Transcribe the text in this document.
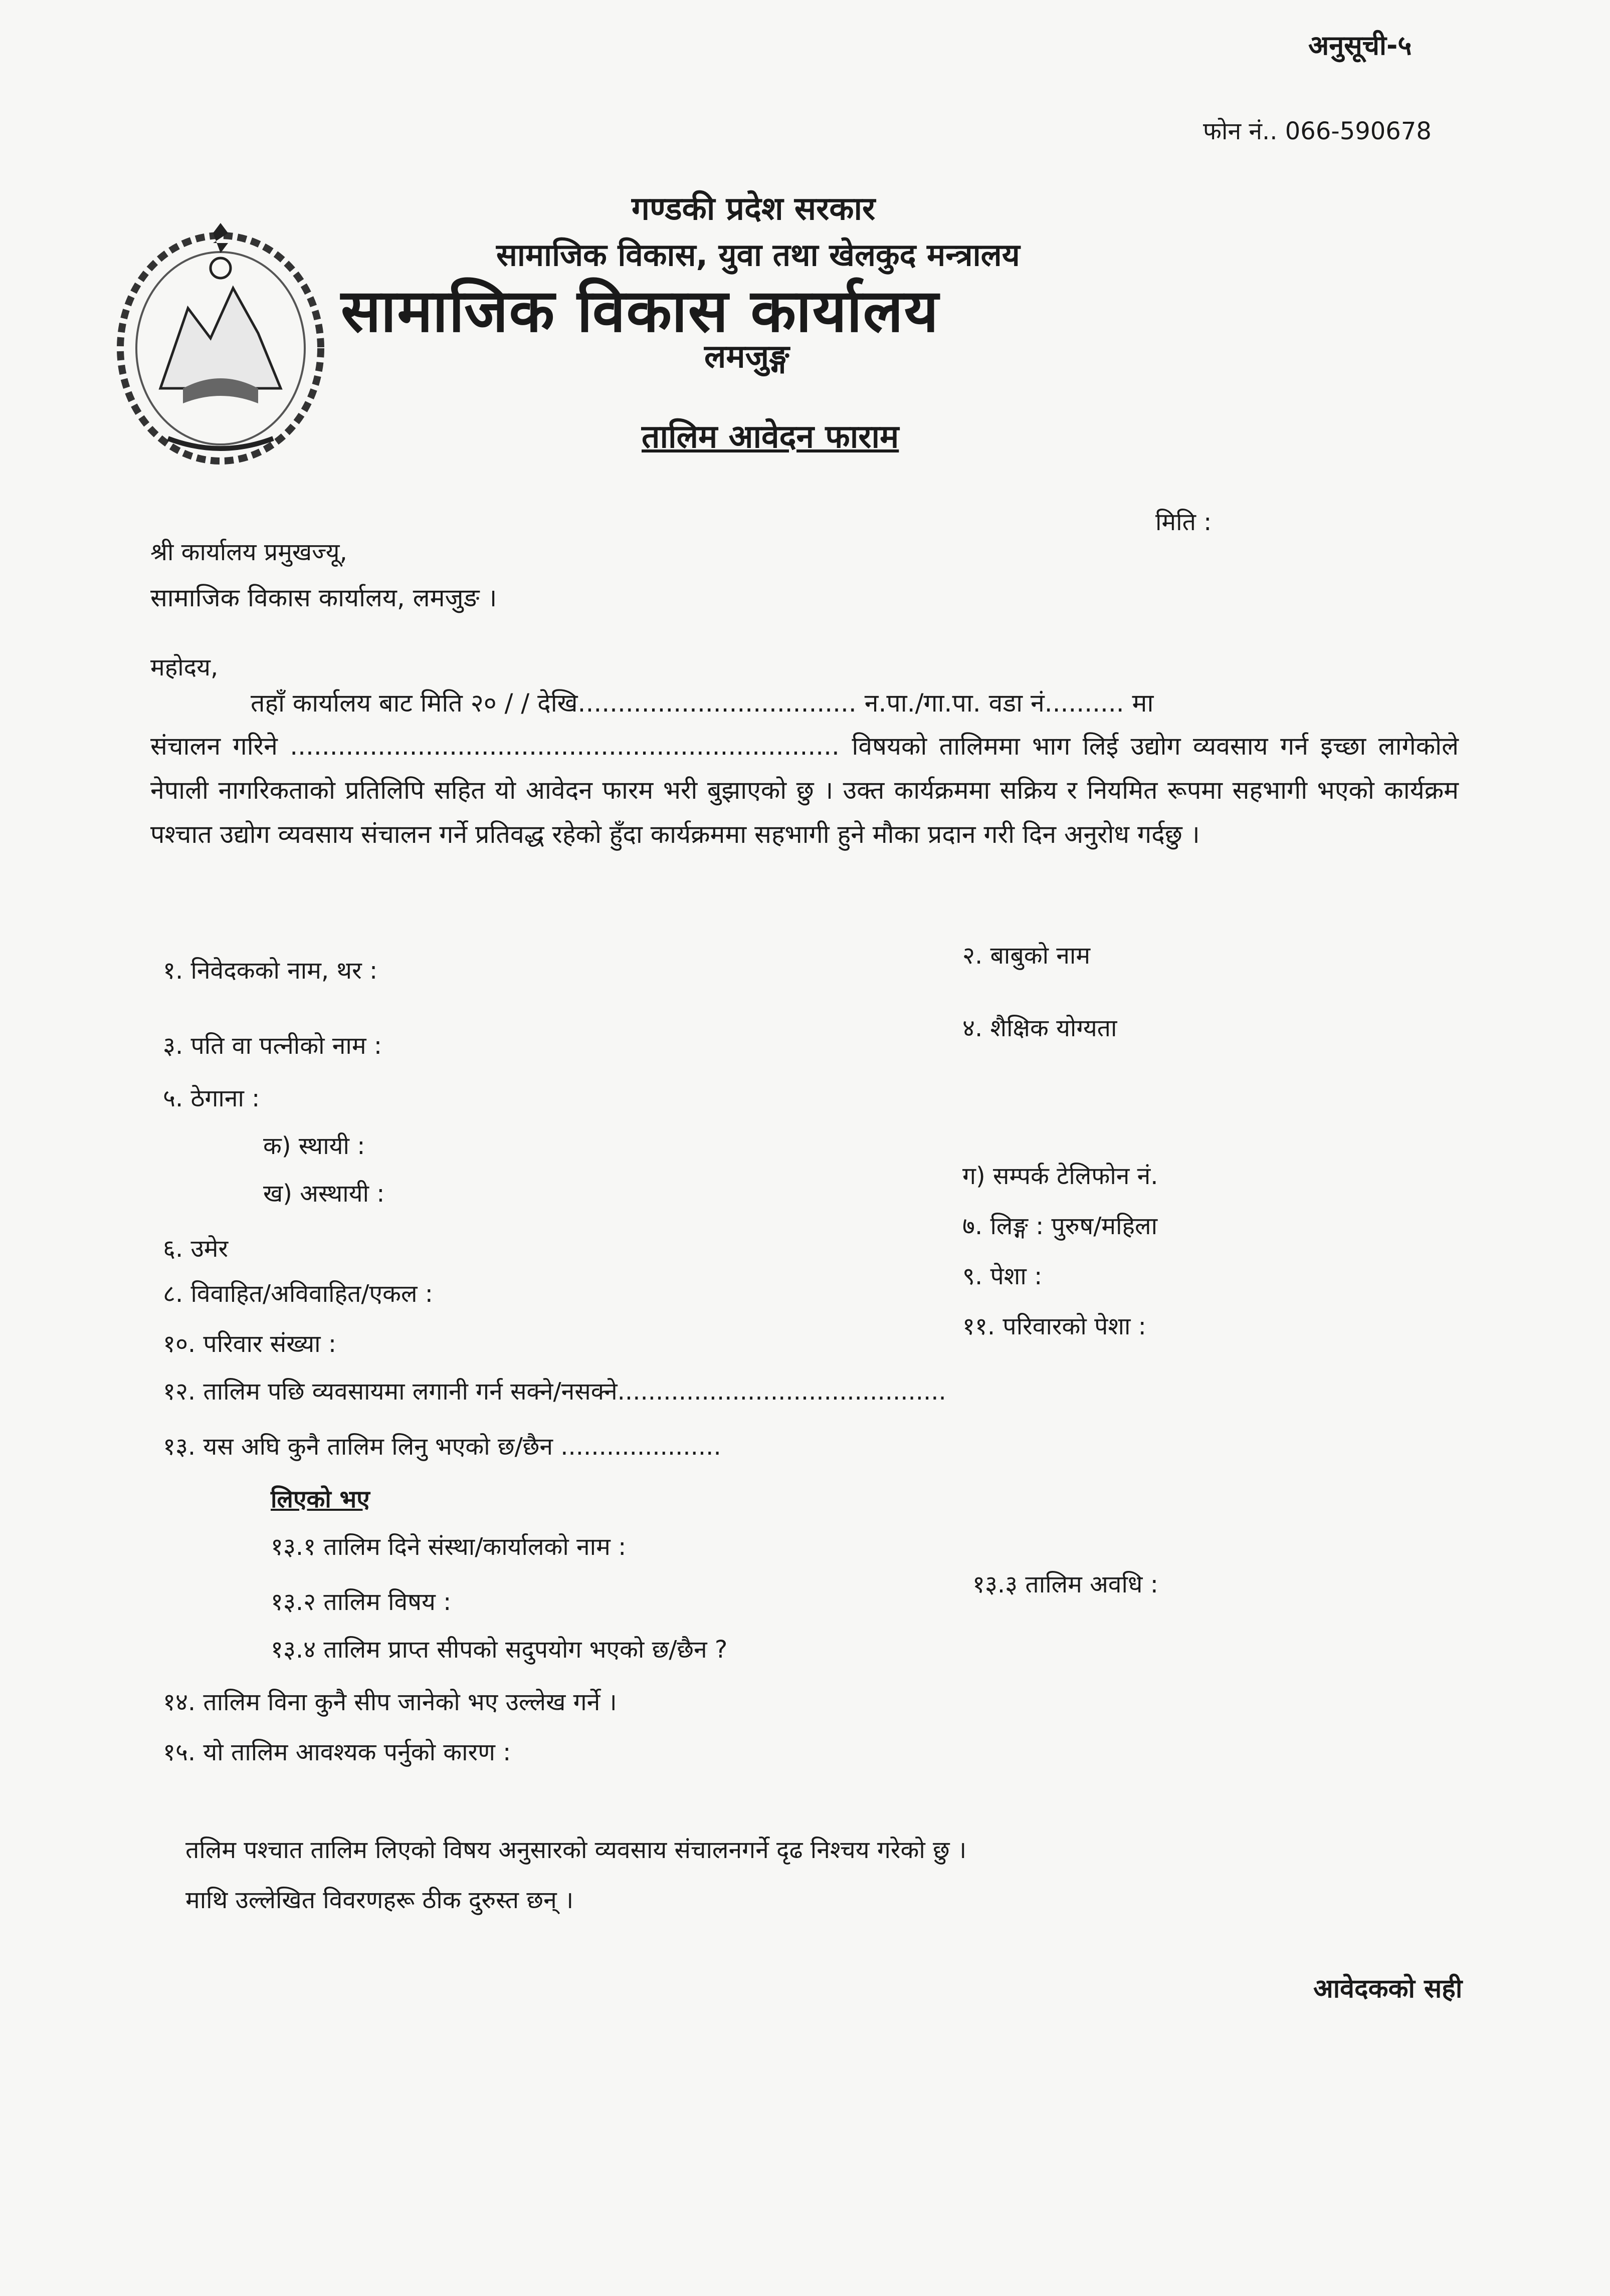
अनुसूची-५
फोन नं.. 066-590678
गण्डकी प्रदेश सरकार
सामाजिक विकास, युवा तथा खेलकुद मन्त्रालय
सामाजिक विकास कार्यालय
लमजुङ्ग
तालिम आवेदन फाराम
मिति :
श्री कार्यालय प्रमुखज्यू,
सामाजिक विकास कार्यालय, लमजुङ ।
महोदय,
तहाँ कार्यालय बाट मिति २० / / देखि................................... न.पा./गा.पा. वडा नं.......... मा
संचालन गरिने ..................................................................... विषयको तालिममा भाग लिई उद्योग व्यवसाय गर्न इच्छा लागेकोले नेपाली नागरिकताको प्रतिलिपि सहित यो आवेदन फारम भरी बुझाएको छु । उक्त कार्यक्रममा सक्रिय र नियमित रूपमा सहभागी भएको कार्यक्रम पश्चात उद्योग व्यवसाय संचालन गर्ने प्रतिवद्ध रहेको हुँदा कार्यक्रममा सहभागी हुने मौका प्रदान गरी दिन अनुरोध गर्दछु ।
१. निवेदकको नाम, थर :
२. बाबुको नाम
३. पति वा पत्नीको नाम :
४. शैक्षिक योग्यता
५. ठेगाना :
क) स्थायी :
ख) अस्थायी :
ग) सम्पर्क टेलिफोन नं.
६. उमेर
७. लिङ्ग : पुरुष/महिला
८. विवाहित/अविवाहित/एकल :
९. पेशा :
१०. परिवार संख्या :
११. परिवारको पेशा :
१२. तालिम पछि व्यवसायमा लगानी गर्न सक्ने/नसक्ने...........................................
१३. यस अघि कुनै तालिम लिनु भएको छ/छैन .....................
लिएको भए
१३.१ तालिम दिने संस्था/कार्यालको नाम :
१३.२ तालिम विषय :
१३.३ तालिम अवधि :
१३.४ तालिम प्राप्त सीपको सदुपयोग भएको छ/छैन ?
१४. तालिम विना कुनै सीप जानेको भए उल्लेख गर्ने ।
१५. यो तालिम आवश्यक पर्नुको कारण :
तलिम पश्चात तालिम लिएको विषय अनुसारको व्यवसाय संचालनगर्ने दृढ निश्चय गरेको छु ।
माथि उल्लेखित विवरणहरू ठीक दुरुस्त छन् ।
आवेदकको सही
